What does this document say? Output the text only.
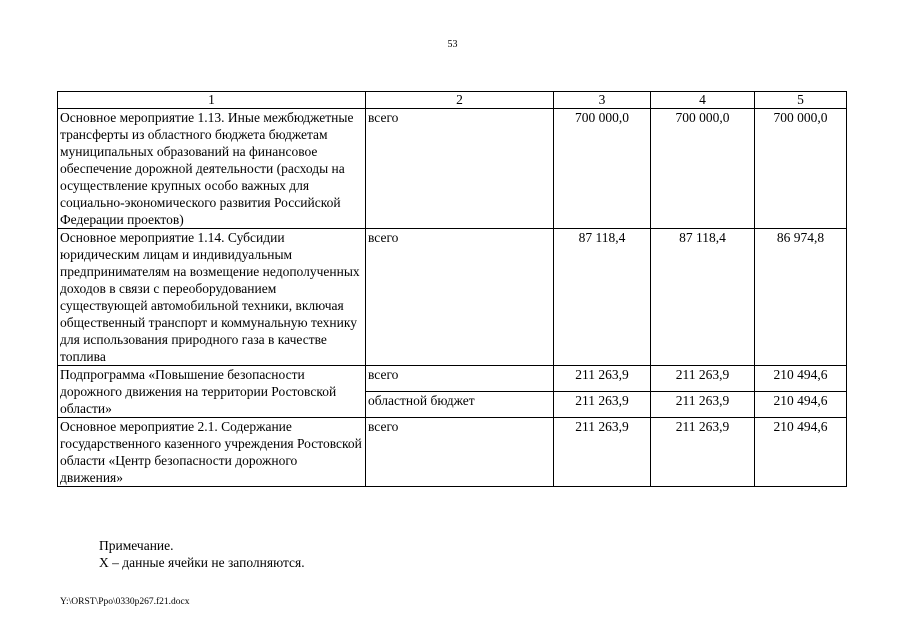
53
1	2	3	4	5
Основное мероприятие 1.13. Иные межбюджетные трансферты из областного бюджета бюджетам муниципальных образований на финансовое обеспечение дорожной деятельности (расходы на осуществление крупных особо важных для социально-экономического развития Российской Федерации проектов)	всего	700 000,0	700 000,0	700 000,0
Основное мероприятие 1.14. Субсидии юридическим лицам и индивидуальным предпринимателям на возмещение недополученных доходов в связи с переоборудованием существующей автомобильной техники, включая общественный транспорт и коммунальную технику для использования природного газа в качестве топлива	всего	87 118,4	87 118,4	86 974,8
Подпрограмма «Повышение безопасности дорожного движения на территории Ростовской области»	всего	211 263,9	211 263,9	210 494,6
	областной бюджет	211 263,9	211 263,9	210 494,6
Основное мероприятие 2.1. Содержание государственного казенного учреждения Ростовской области «Центр безопасности дорожного движения»	всего	211 263,9	211 263,9	210 494,6
Примечание.
Х – данные ячейки не заполняются.
Y:\ORST\Ppo\0330p267.f21.docx
